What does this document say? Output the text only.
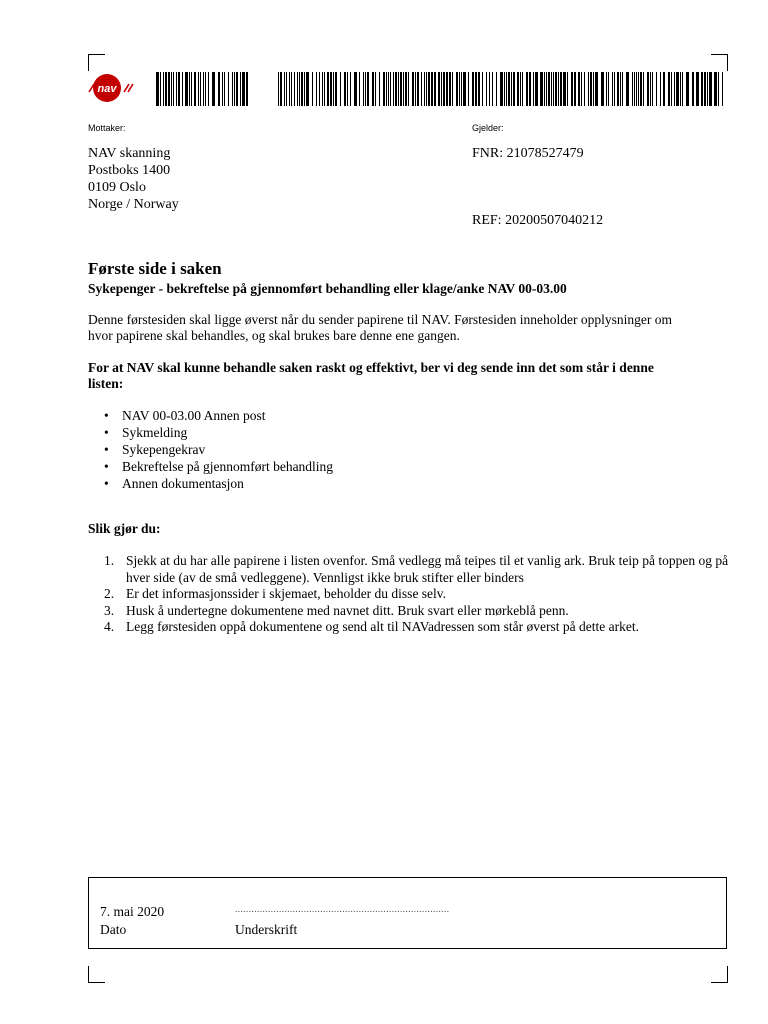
nav
Mottaker:
NAV skanning
Postboks 1400
0109 Oslo
Norge / Norway
Gjelder:
FNR: 21078527479
REF: 20200507040212
Første side i saken
Sykepenger - bekreftelse på gjennomført behandling eller klage/anke NAV 00-03.00
Denne førstesiden skal ligge øverst når du sender papirene til NAV. Førstesiden inneholder opplysninger om hvor papirene skal behandles, og skal brukes bare denne ene gangen.
For at NAV skal kunne behandle saken raskt og effektivt, ber vi deg sende inn det som står i denne listen:
• NAV 00-03.00 Annen post
• Sykmelding
• Sykepengekrav
• Bekreftelse på gjennomført behandling
• Annen dokumentasjon
Slik gjør du:
1. Sjekk at du har alle papirene i listen ovenfor. Små vedlegg må teipes til et vanlig ark. Bruk teip på toppen og på hver side (av de små vedleggene). Vennligst ikke bruk stifter eller binders
2. Er det informasjonssider i skjemaet, beholder du disse selv.
3. Husk å undertegne dokumentene med navnet ditt. Bruk svart eller mørkeblå penn.
4. Legg førstesiden oppå dokumentene og send alt til NAVadressen som står øverst på dette arket.
7. mai 2020
Dato
..............................................................................
Underskrift
